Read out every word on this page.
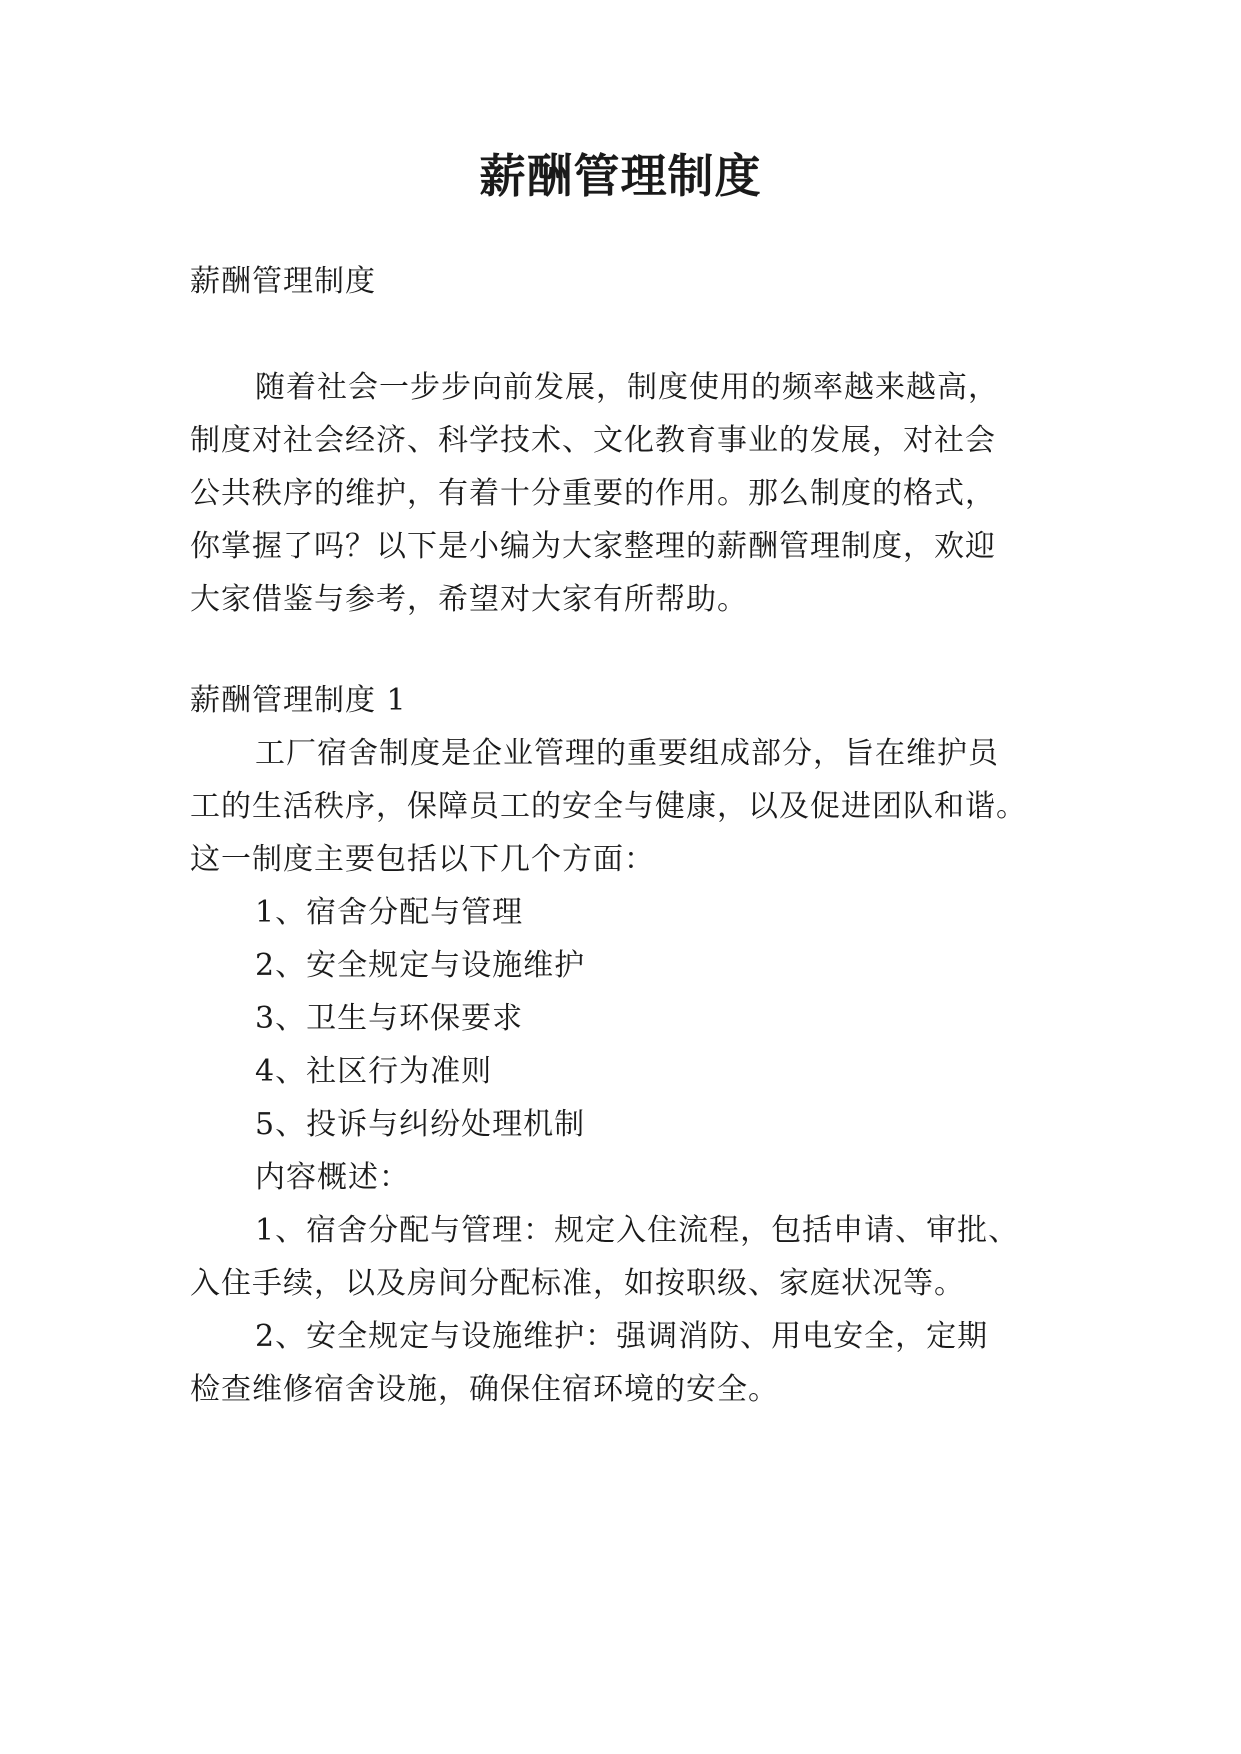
薪酬管理制度

薪酬管理制度

随着社会一步步向前发展，制度使用的频率越来越高，

制度对社会经济、科学技术、文化教育事业的发展，对社会

公共秩序的维护，有着十分重要的作用。那么制度的格式，

你掌握了吗？以下是小编为大家整理的薪酬管理制度，欢迎

大家借鉴与参考，希望对大家有所帮助。

薪酬管理制度 1

工厂宿舍制度是企业管理的重要组成部分，旨在维护员

工的生活秩序，保障员工的安全与健康，以及促进团队和谐。

这一制度主要包括以下几个方面：

1、宿舍分配与管理

2、安全规定与设施维护

3、卫生与环保要求

4、社区行为准则

5、投诉与纠纷处理机制

内容概述：

1、宿舍分配与管理：规定入住流程，包括申请、审批、

入住手续，以及房间分配标准，如按职级、家庭状况等。

2、安全规定与设施维护：强调消防、用电安全，定期

检查维修宿舍设施，确保住宿环境的安全。
